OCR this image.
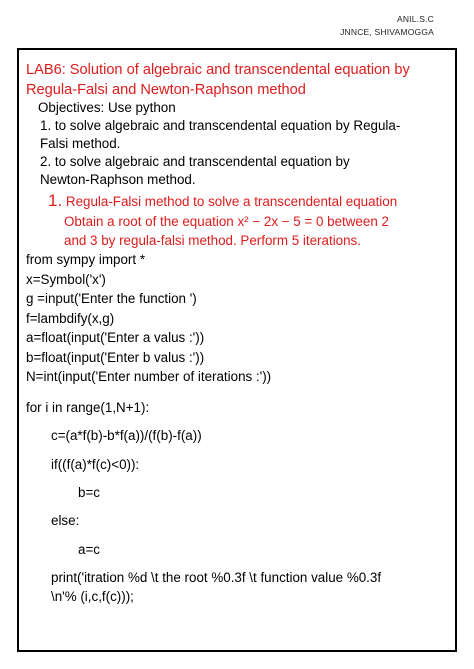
ANIL.S.C
JNNCE, SHIVAMOGGA
LAB6: Solution of algebraic and transcendental equation by
Regula-Falsi and Newton-Raphson method
Objectives: Use python
1. to solve algebraic and transcendental equation by Regula-
Falsi method.
2. to solve algebraic and transcendental equation by
Newton-Raphson method.
1. Regula-Falsi method to solve a transcendental equation
Obtain a root of the equation x² − 2x − 5 = 0 between 2
and 3 by regula-falsi method. Perform 5 iterations.
from sympy import *
x=Symbol('x')
g =input('Enter the function ')
f=lambdify(x,g)
a=float(input('Enter a valus :'))
b=float(input('Enter b valus :'))
N=int(input('Enter number of iterations :'))
for i in range(1,N+1):
c=(a*f(b)-b*f(a))/(f(b)-f(a))
if((f(a)*f(c)<0)):
b=c
else:
a=c
print('itration %d \t the root %0.3f \t function value %0.3f
\n'% (i,c,f(c)));
